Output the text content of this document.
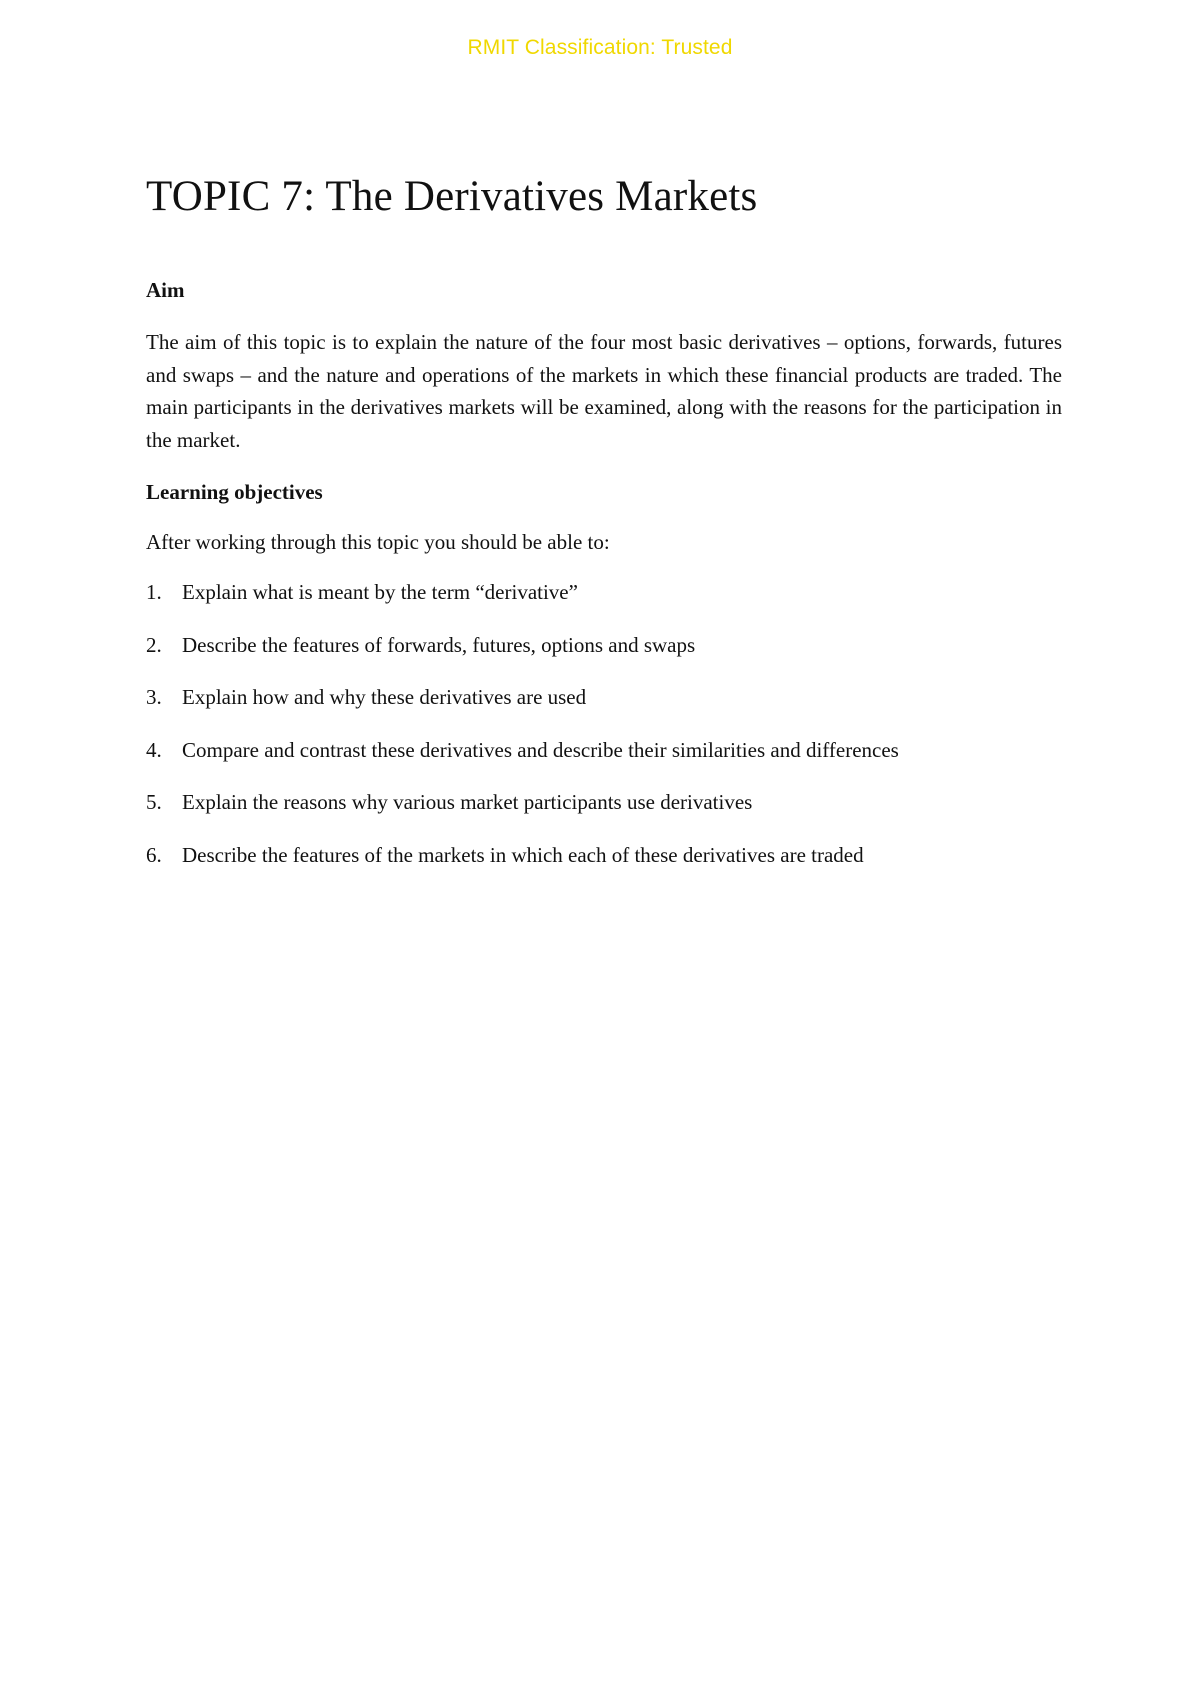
RMIT Classification: Trusted
TOPIC 7: The Derivatives Markets
Aim

The aim of this topic is to explain the nature of the four most basic derivatives – options, forwards, futures and swaps – and the nature and operations of the markets in which these financial products are traded. The main participants in the derivatives markets will be examined, along with the reasons for the participation in the market.

Learning objectives

After working through this topic you should be able to:

1. Explain what is meant by the term “derivative”
2. Describe the features of forwards, futures, options and swaps
3. Explain how and why these derivatives are used
4. Compare and contrast these derivatives and describe their similarities and differences
5. Explain the reasons why various market participants use derivatives
6. Describe the features of the markets in which each of these derivatives are traded
